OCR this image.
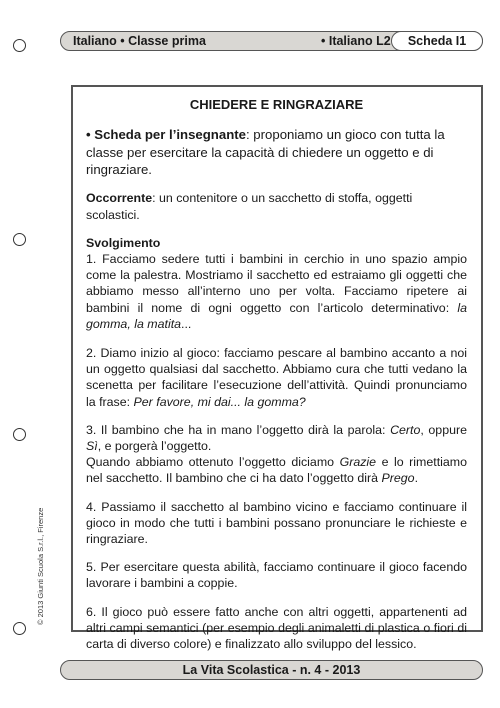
Italiano • Classe prima	• Italiano L2	Scheda I1
CHIEDERE E RINGRAZIARE
• Scheda per l’insegnante: proponiamo un gioco con tutta la classe per esercitare la capacità di chiedere un oggetto e di ringraziare.

Occorrente: un contenitore o un sacchetto di stoffa, oggetti scolastici.

Svolgimento
1. Facciamo sedere tutti i bambini in cerchio in uno spazio ampio come la palestra. Mostriamo il sacchetto ed estraiamo gli oggetti che abbiamo messo all’interno uno per volta. Facciamo ripetere ai bambini il nome di ogni oggetto con l’articolo determinativo: la gomma, la matita...

2. Diamo inizio al gioco: facciamo pescare al bambino accanto a noi un oggetto qualsiasi dal sacchetto. Abbiamo cura che tutti vedano la scenetta per facilitare l’esecuzione dell’attività. Quindi pronunciamo la frase: Per favore, mi dai... la gomma?

3. Il bambino che ha in mano l’oggetto dirà la parola: Certo, oppure Sì, e porgerà l’oggetto.
Quando abbiamo ottenuto l’oggetto diciamo Grazie e lo rimettiamo nel sacchetto. Il bambino che ci ha dato l’oggetto dirà Prego.

4. Passiamo il sacchetto al bambino vicino e facciamo continuare il gioco in modo che tutti i bambini possano pronunciare le richieste e ringraziare.

5. Per esercitare questa abilità, facciamo continuare il gioco facendo lavorare i bambini a coppie.

6. Il gioco può essere fatto anche con altri oggetti, appartenenti ad altri campi semantici (per esempio degli animaletti di plastica o fiori di carta di diverso colore) e finalizzato allo sviluppo del lessico.

© 2013 Giunti Scuola S.r.l., Firenze
La Vita Scolastica - n. 4 - 2013
